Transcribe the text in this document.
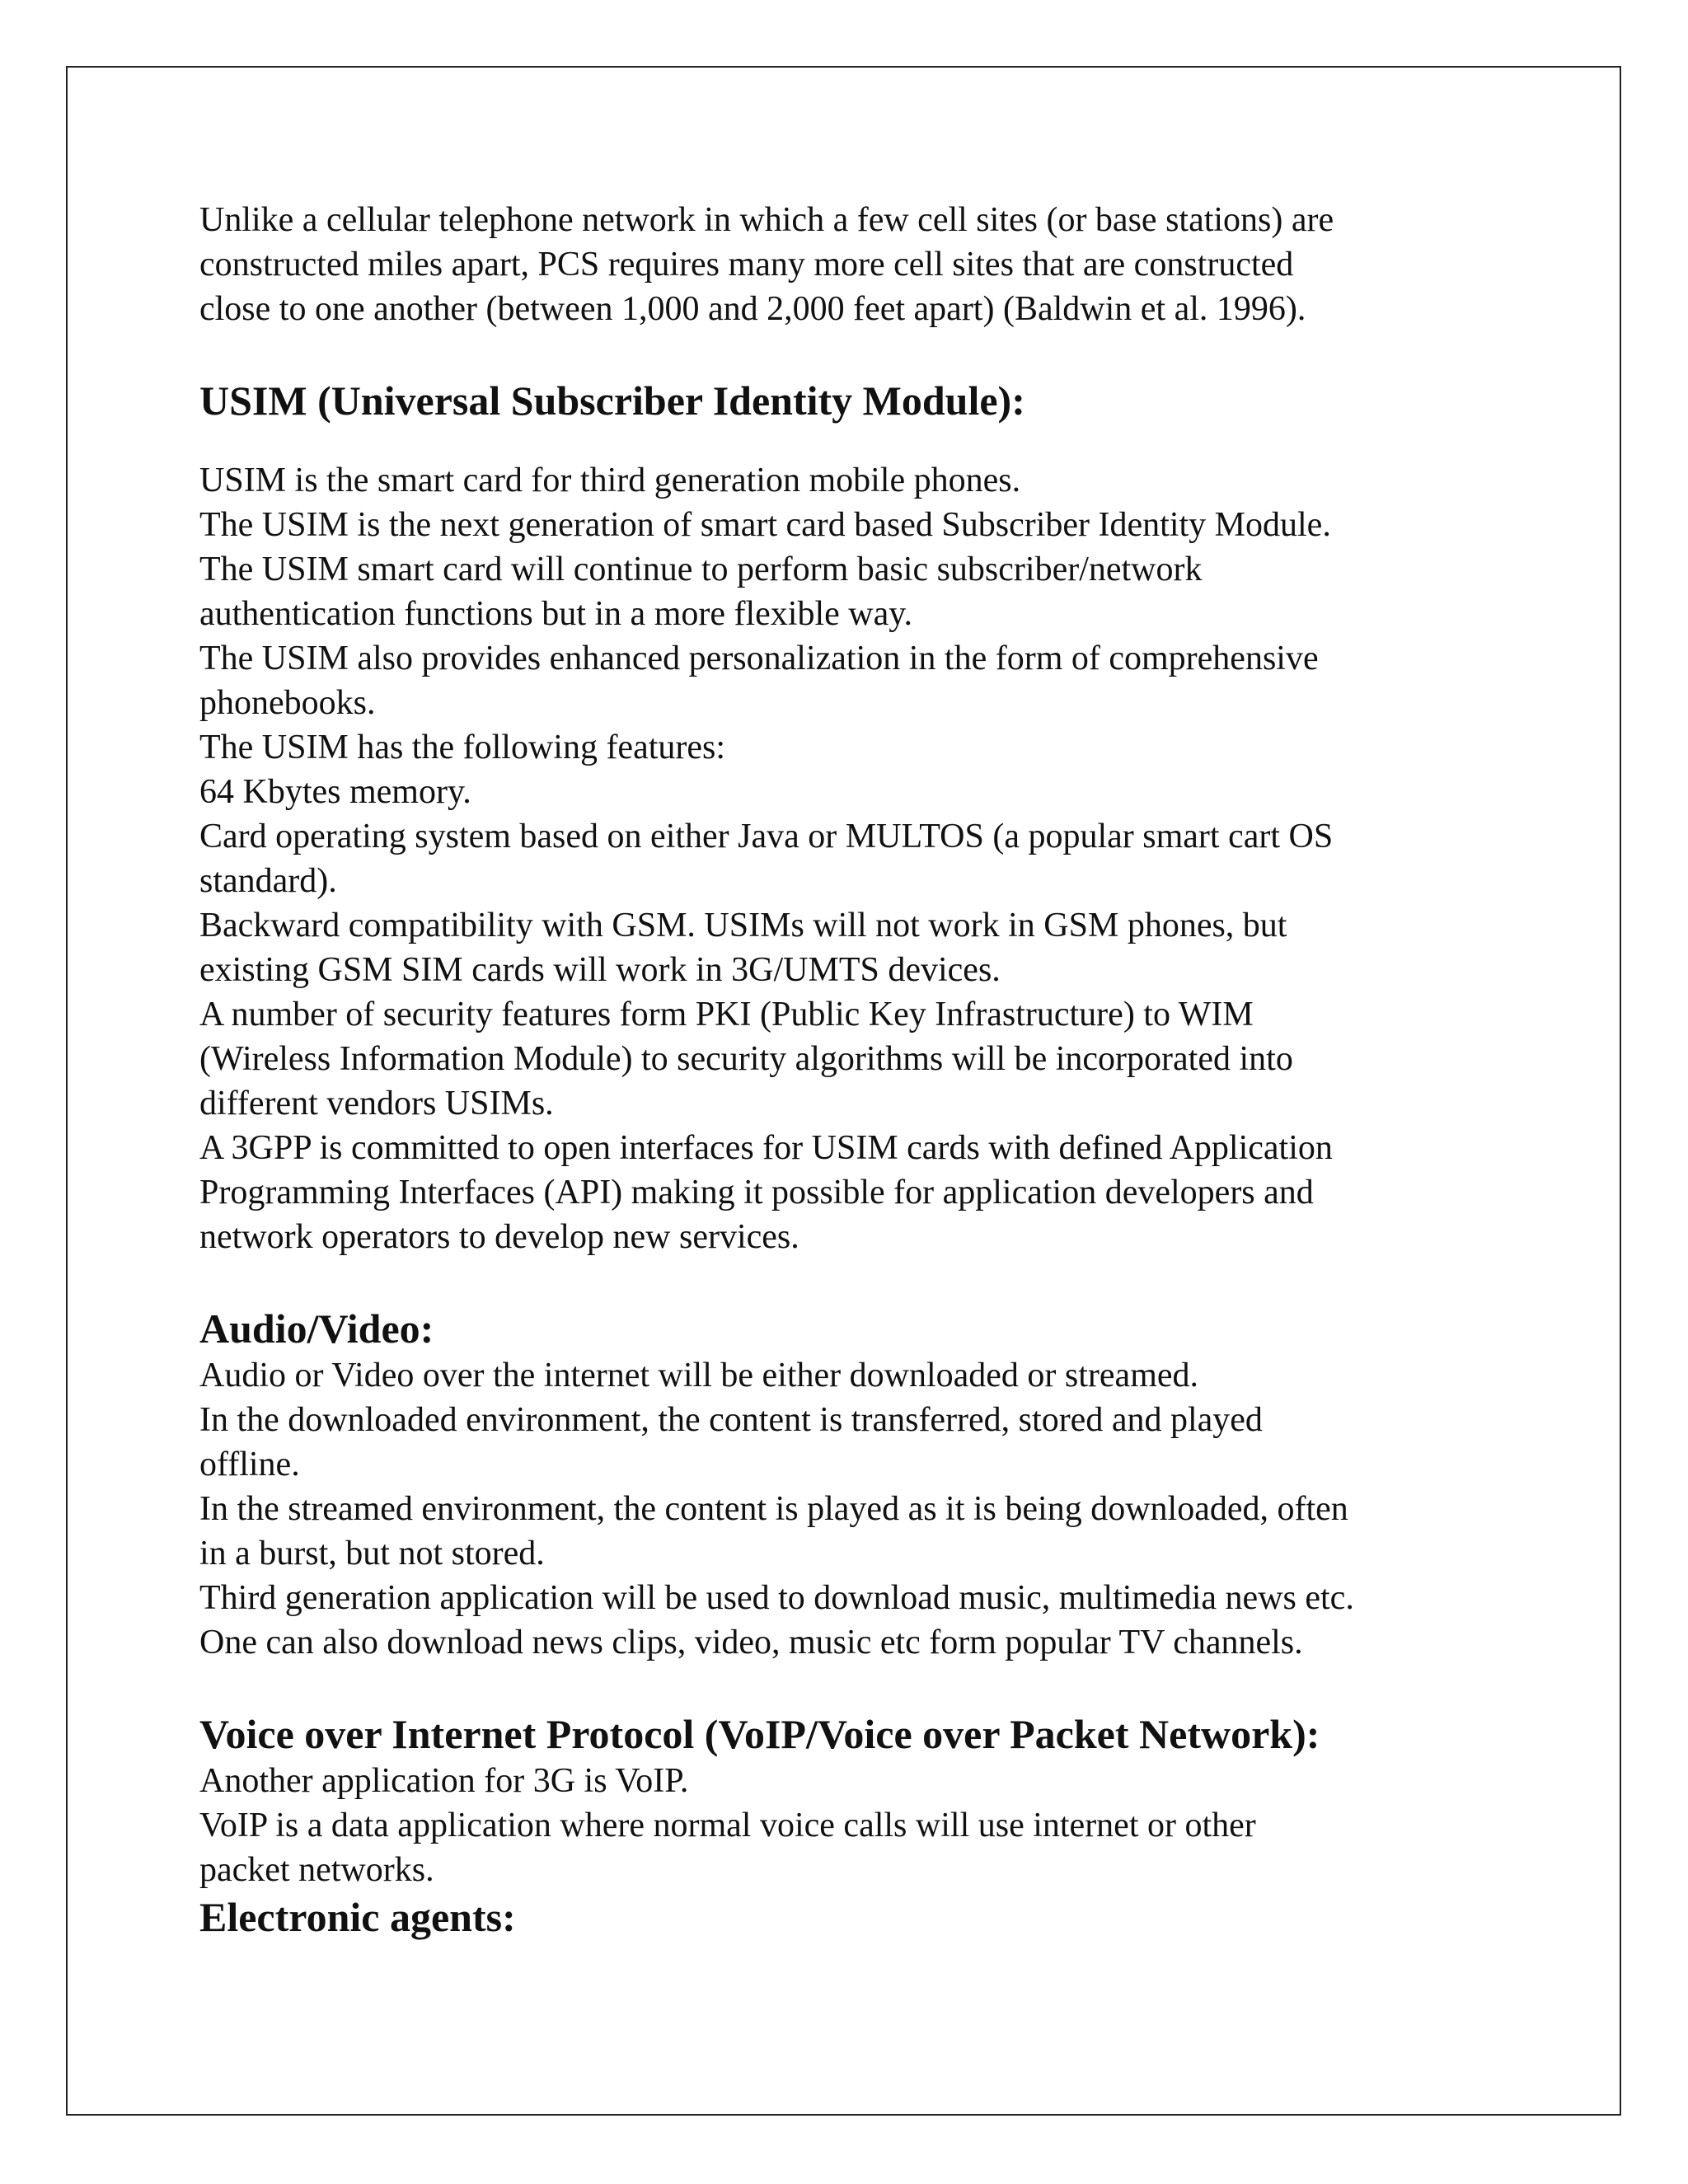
Unlike a cellular telephone network in which a few cell sites (or base stations) are
constructed miles apart, PCS requires many more cell sites that are constructed
close to one another (between 1,000 and 2,000 feet apart) (Baldwin et al. 1996).
USIM (Universal Subscriber Identity Module):
USIM is the smart card for third generation mobile phones.
The USIM is the next generation of smart card based Subscriber Identity Module.
The USIM smart card will continue to perform basic subscriber/network
authentication functions but in a more flexible way.
The USIM also provides enhanced personalization in the form of comprehensive
phonebooks.
The USIM has the following features:
64 Kbytes memory.
Card operating system based on either Java or MULTOS (a popular smart cart OS
standard).
Backward compatibility with GSM. USIMs will not work in GSM phones, but
existing GSM SIM cards will work in 3G/UMTS devices.
A number of security features form PKI (Public Key Infrastructure) to WIM
(Wireless Information Module) to security algorithms will be incorporated into
different vendors USIMs.
A 3GPP is committed to open interfaces for USIM cards with defined Application
Programming Interfaces (API) making it possible for application developers and
network operators to develop new services.
Audio/Video:
Audio or Video over the internet will be either downloaded or streamed.
In the downloaded environment, the content is transferred, stored and played
offline.
In the streamed environment, the content is played as it is being downloaded, often
in a burst, but not stored.
Third generation application will be used to download music, multimedia news etc.
One can also download news clips, video, music etc form popular TV channels.
Voice over Internet Protocol (VoIP/Voice over Packet Network):
Another application for 3G is VoIP.
VoIP is a data application where normal voice calls will use internet or other
packet networks.
Electronic agents:
